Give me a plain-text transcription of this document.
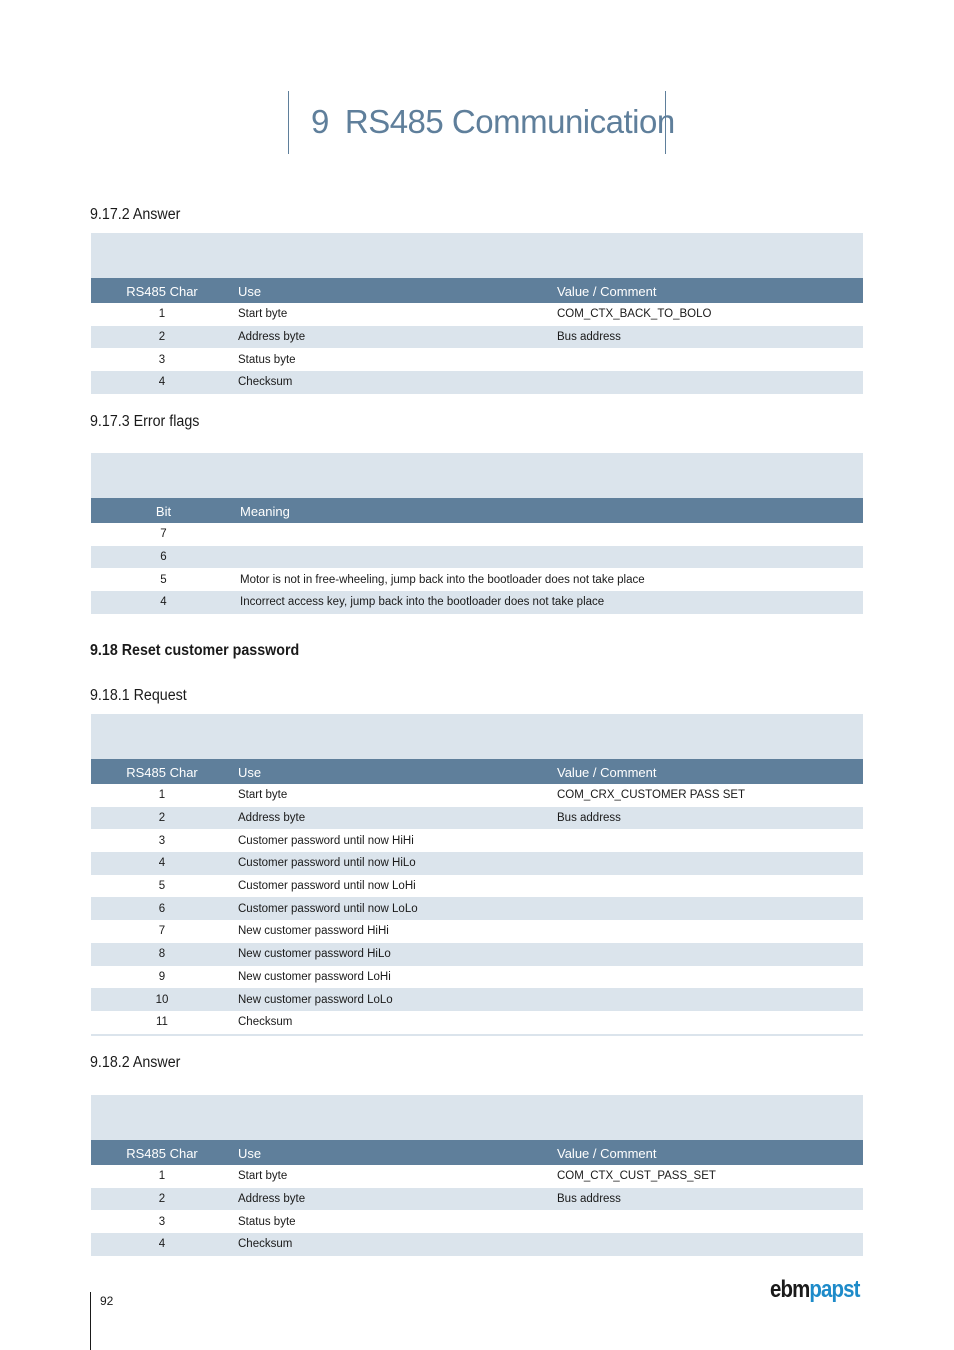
9 RS485 Communication
9.17.2 Answer
RS485 Char	Use	Value / Comment
1	Start byte	COM_CTX_BACK_TO_BOLO
2	Address byte	Bus address
3	Status byte
4	Checksum
9.17.3 Error flags
Bit	Meaning
7
6
5	Motor is not in free-wheeling, jump back into the bootloader does not take place
4	Incorrect access key, jump back into the bootloader does not take place
9.18 Reset customer password
9.18.1 Request
RS485 Char	Use	Value / Comment
1	Start byte	COM_CRX_CUSTOMER PASS SET
2	Address byte	Bus address
3	Customer password until now HiHi
4	Customer password until now HiLo
5	Customer password until now LoHi
6	Customer password until now LoLo
7	New customer password HiHi
8	New customer password HiLo
9	New customer password LoHi
10	New customer password LoLo
11	Checksum
9.18.2 Answer
RS485 Char	Use	Value / Comment
1	Start byte	COM_CTX_CUST_PASS_SET
2	Address byte	Bus address
3	Status byte
4	Checksum
92	ebmpapst
